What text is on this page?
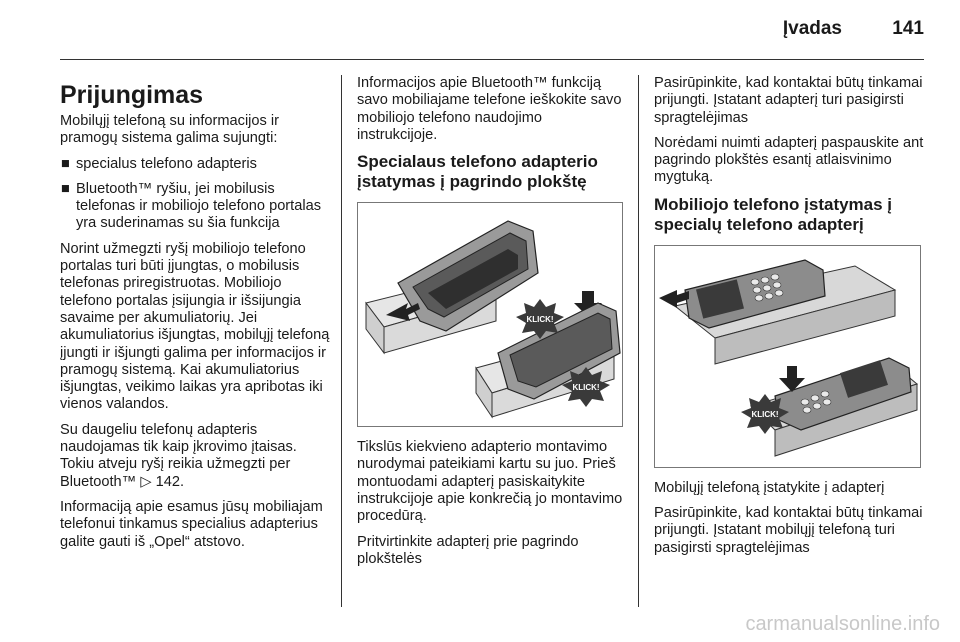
Įvadas	141
Prijungimas

Mobilųjį telefoną su informacijos ir pramogų sistema galima sujungti:

■ specialus telefono adapteris
■ Bluetooth™ ryšiu, jei mobilusis telefonas ir mobiliojo telefono portalas yra suderinamas su šia funkcija

Norint užmegzti ryšį mobiliojo telefono portalas turi būti įjungtas, o mobilusis telefonas priregistruotas. Mobiliojo telefono portalas įsijungia ir išsijungia savaime per akumuliatorių. Jei akumuliatorius išjungtas, mobilųjį telefoną įjungti ir išjungti galima per informacijos ir pramogų sistemą. Kai akumuliatorius išjungtas, veikimo laikas yra apribotas iki vienos valandos.

Su daugeliu telefonų adapteris naudojamas tik kaip įkrovimo įtaisas. Tokiu atveju ryšį reikia užmegzti per Bluetooth™ ▷ 142.

Informaciją apie esamus jūsų mobiliajam telefonui tinkamus specialius adapterius galite gauti iš „Opel“ atstovo.

Informacijos apie Bluetooth™ funkciją savo mobiliajame telefone ieškokite savo mobiliojo telefono naudojimo instrukcijoje.

Specialaus telefono adapterio įstatymas į pagrindo plokštę
KLICK!
KLICK!

Tikslūs kiekvieno adapterio montavimo nurodymai pateikiami kartu su juo. Prieš montuodami adapterį pasiskaitykite instrukcijoje apie konkrečią jo montavimo procedūrą.

Pritvirtinkite adapterį prie pagrindo plokštelės

Pasirūpinkite, kad kontaktai būtų tinkamai prijungti. Įstatant adapterį turi pasigirsti spragtelėjimas

Norėdami nuimti adapterį paspauskite ant pagrindo plokštės esantį atlaisvinimo mygtuką.

Mobiliojo telefono įstatymas į specialų telefono adapterį
KLICK!

Mobilųjį telefoną įstatykite į adapterį

Pasirūpinkite, kad kontaktai būtų tinkamai prijungti. Įstatant mobilųjį telefoną turi pasigirsti spragtelėjimas

carmanualsonline.info
